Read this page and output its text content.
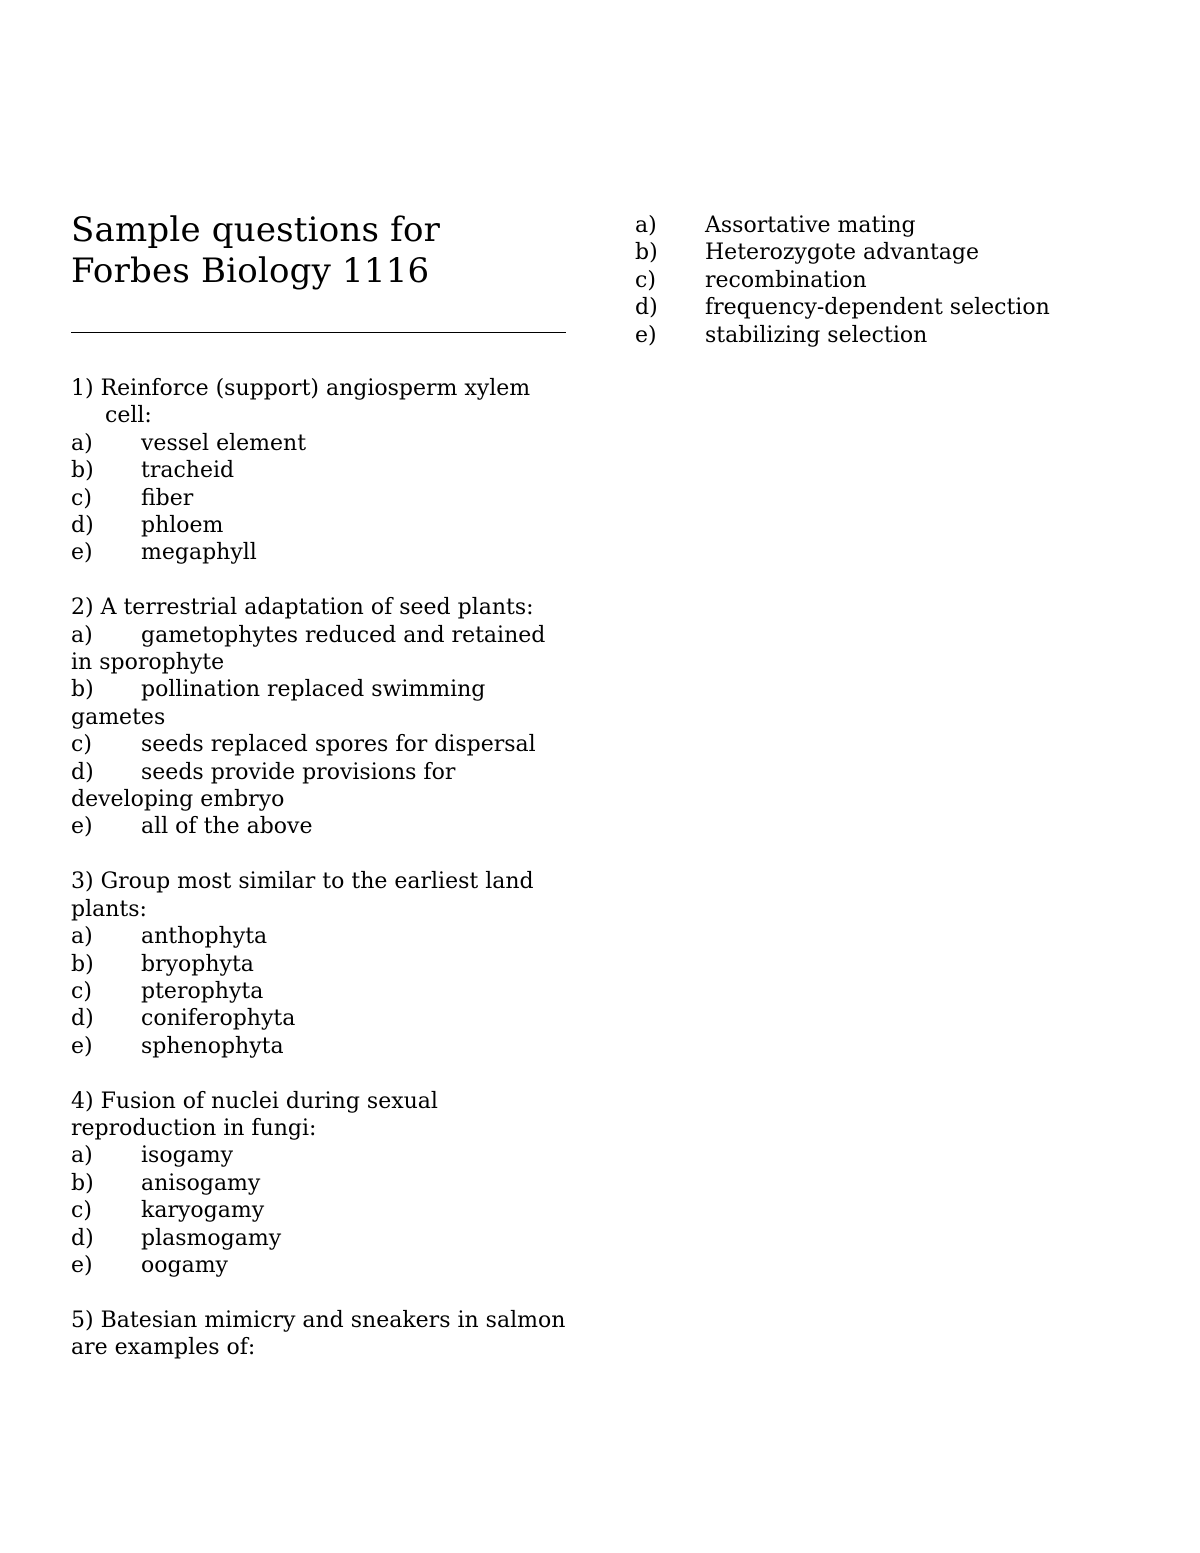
Sample questions for
Forbes Biology 1116
1) Reinforce (support) angiosperm xylem cell:
a) vessel element
b) tracheid
c) fiber
d) phloem
e) megaphyll
2) A terrestrial adaptation of seed plants:
a) gametophytes reduced and retained in sporophyte
b) pollination replaced swimming gametes
c) seeds replaced spores for dispersal
d) seeds provide provisions for developing embryo
e) all of the above
3) Group most similar to the earliest land plants:
a) anthophyta
b) bryophyta
c) pterophyta
d) coniferophyta
e) sphenophyta
4) Fusion of nuclei during sexual reproduction in fungi:
a) isogamy
b) anisogamy
c) karyogamy
d) plasmogamy
e) oogamy
5) Batesian mimicry and sneakers in salmon are examples of:
a) Assortative mating
b) Heterozygote advantage
c) recombination
d) frequency-dependent selection
e) stabilizing selection
